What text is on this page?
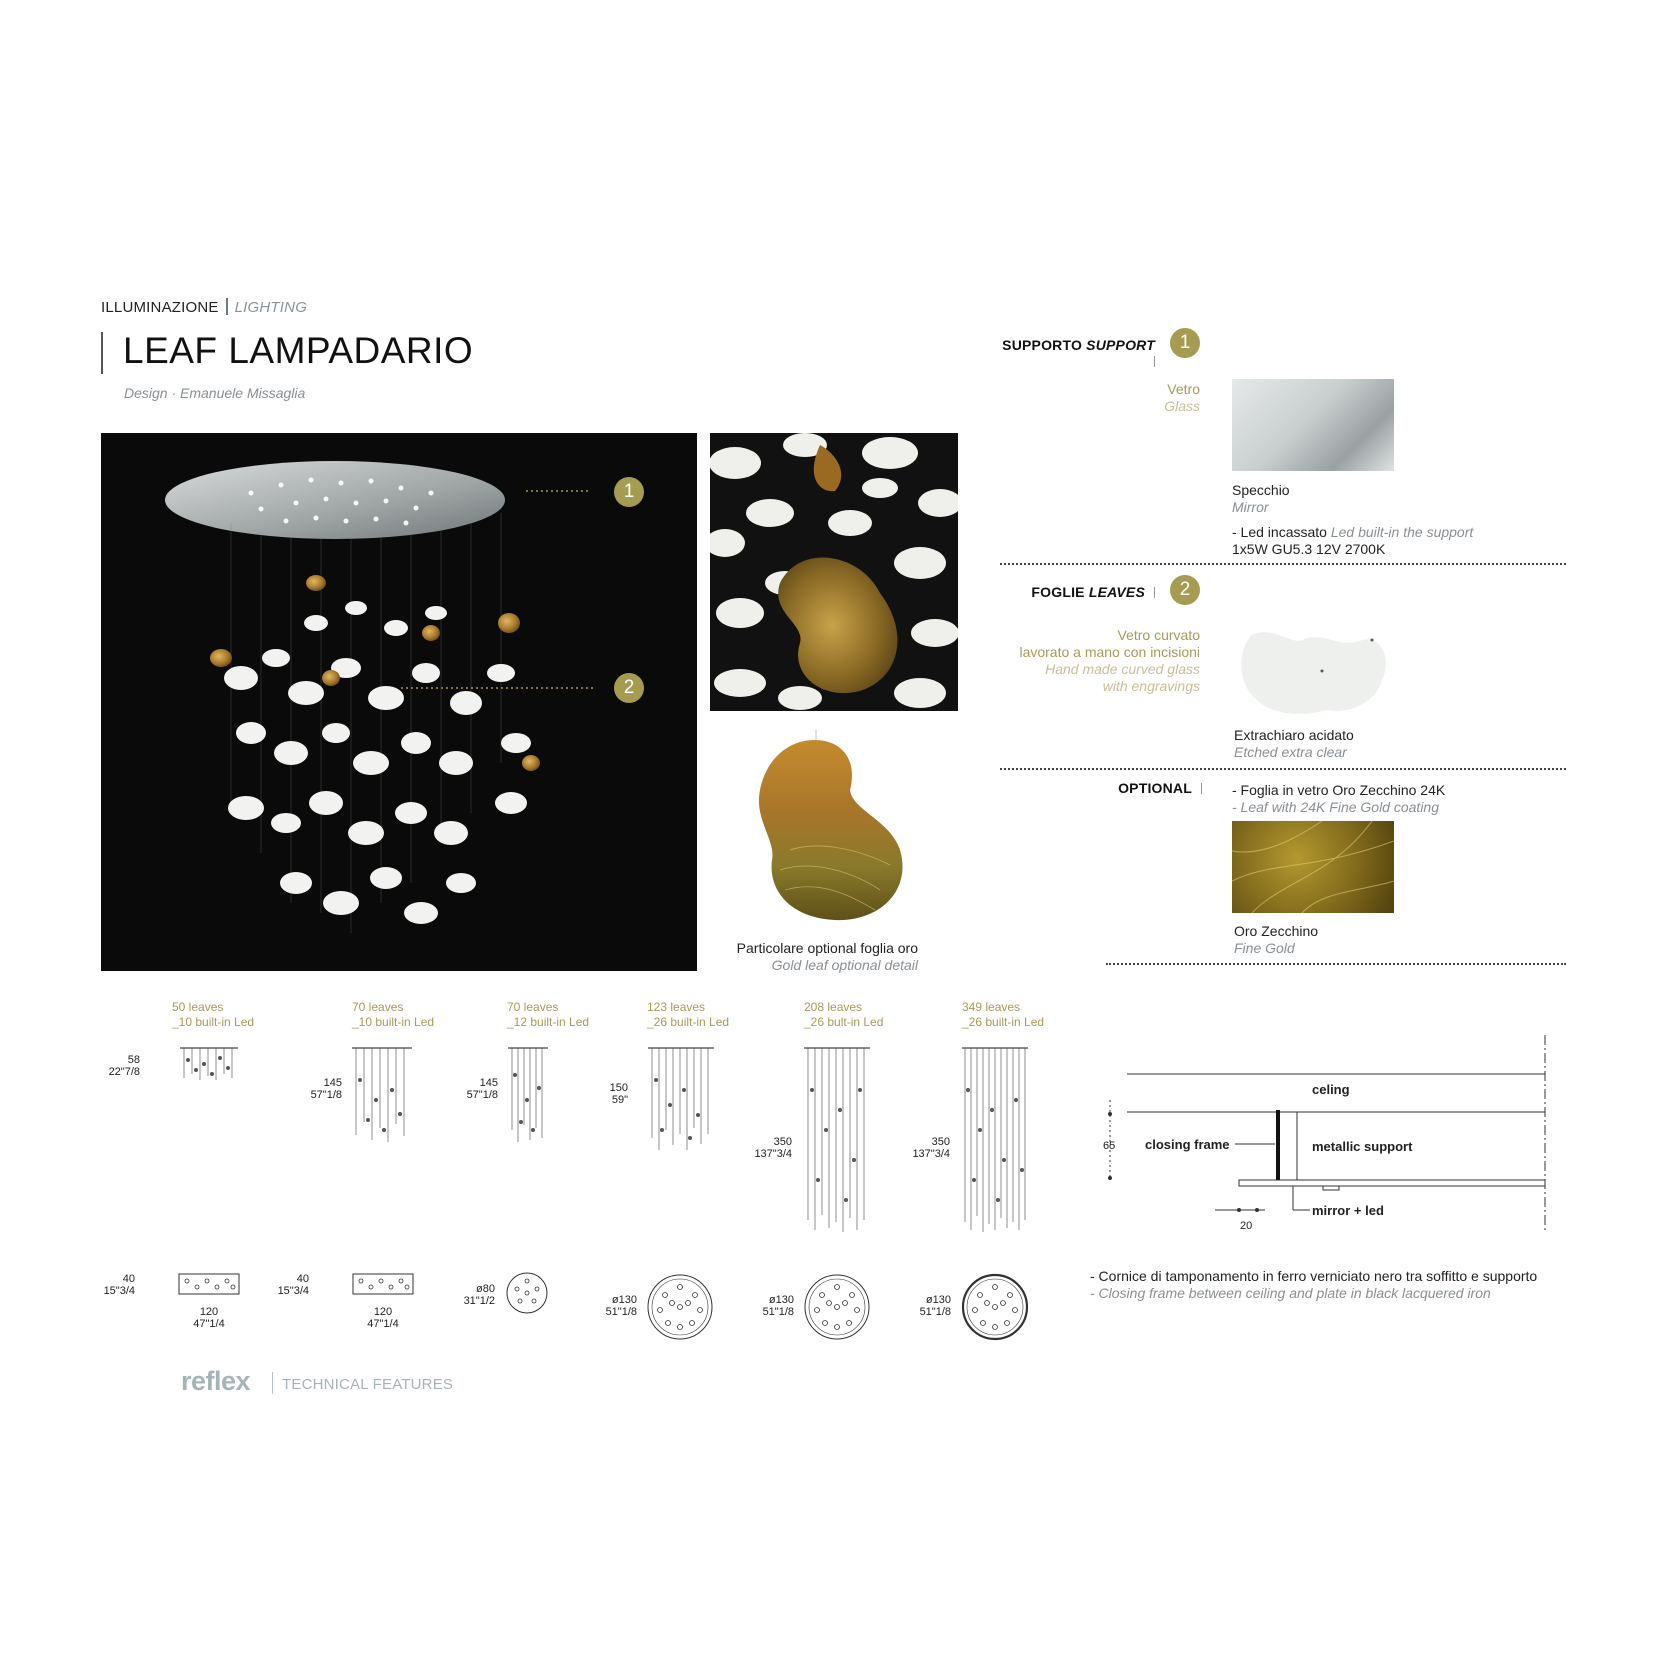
ILLUMINAZIONE LIGHTING
LEAF LAMPADARIO
Design · Emanuele Missaglia
1
2
Particolare optional foglia oro
Gold leaf optional detail
SUPPORTO SUPPORT	1
Vetro
Glass
Specchio
Mirror
- Led incassato Led built-in the support
1x5W GU5.3 12V 2700K
FOGLIE LEAVES	2
Vetro curvato
lavorato a mano con incisioni
Hand made curved glass
with engravings
Extrachiaro acidato
Etched extra clear
OPTIONAL	- Foglia in vetro Oro Zecchino 24K
- Leaf with 24K Fine Gold coating
Oro Zecchino
Fine Gold
50 leaves
_10 built-in Led
70 leaves
_10 built-in Led
70 leaves
_12 built-in Led
123 leaves
_26 built-in Led
208 leaves
_26 bult-in Led
349 leaves
_26 built-in Led
58
22"7/8
145
57"1/8
145
57"1/8
150
59"
350
137"3/4
350
137"3/4
40
15"3/4
120
47"1/4
40
15"3/4
120
47"1/4
ø80
31"1/2	ø130
51"1/8
ø130
51"1/8
ø130
51"1/8
celing
closing frame	metallic support
mirror + led
65
20
- Cornice di tamponamento in ferro verniciato nero tra soffitto e supporto
- Closing frame between ceiling and plate in black lacquered iron
reflex TECHNICAL FEATURES
